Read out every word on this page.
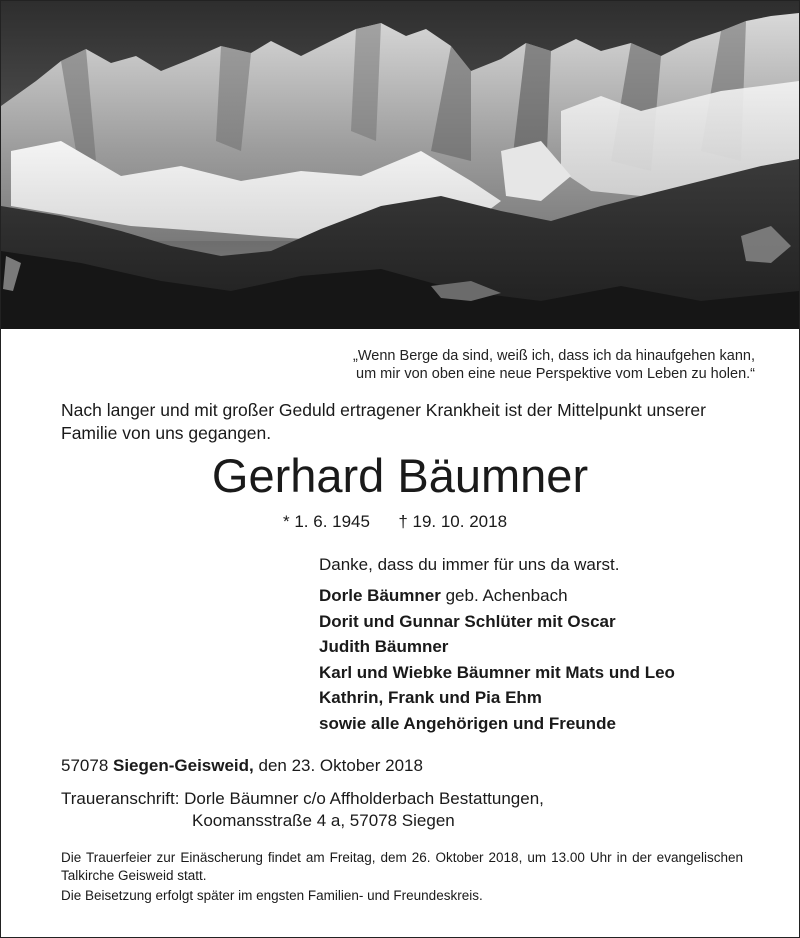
„Wenn Berge da sind, weiß ich, dass ich da hinaufgehen kann,
um mir von oben eine neue Perspektive vom Leben zu holen.“
Nach langer und mit großer Geduld ertragener Krankheit ist der Mittelpunkt unserer
Familie von uns gegangen.
Gerhard Bäumner
* 1. 6. 1945 † 19. 10. 2018
Danke, dass du immer für uns da warst.
Dorle Bäumner geb. Achenbach
Dorit und Gunnar Schlüter mit Oscar
Judith Bäumner
Karl und Wiebke Bäumner mit Mats und Leo
Kathrin, Frank und Pia Ehm
sowie alle Angehörigen und Freunde
57078 Siegen-Geisweid, den 23. Oktober 2018
Traueranschrift: Dorle Bäumner c/o Affholderbach Bestattungen,
Koomansstraße 4 a, 57078 Siegen
Die Trauerfeier zur Einäscherung findet am Freitag, dem 26. Oktober 2018, um 13.00 Uhr in der evangelischen Talkirche Geisweid statt.
Die Beisetzung erfolgt später im engsten Familien- und Freundeskreis.
